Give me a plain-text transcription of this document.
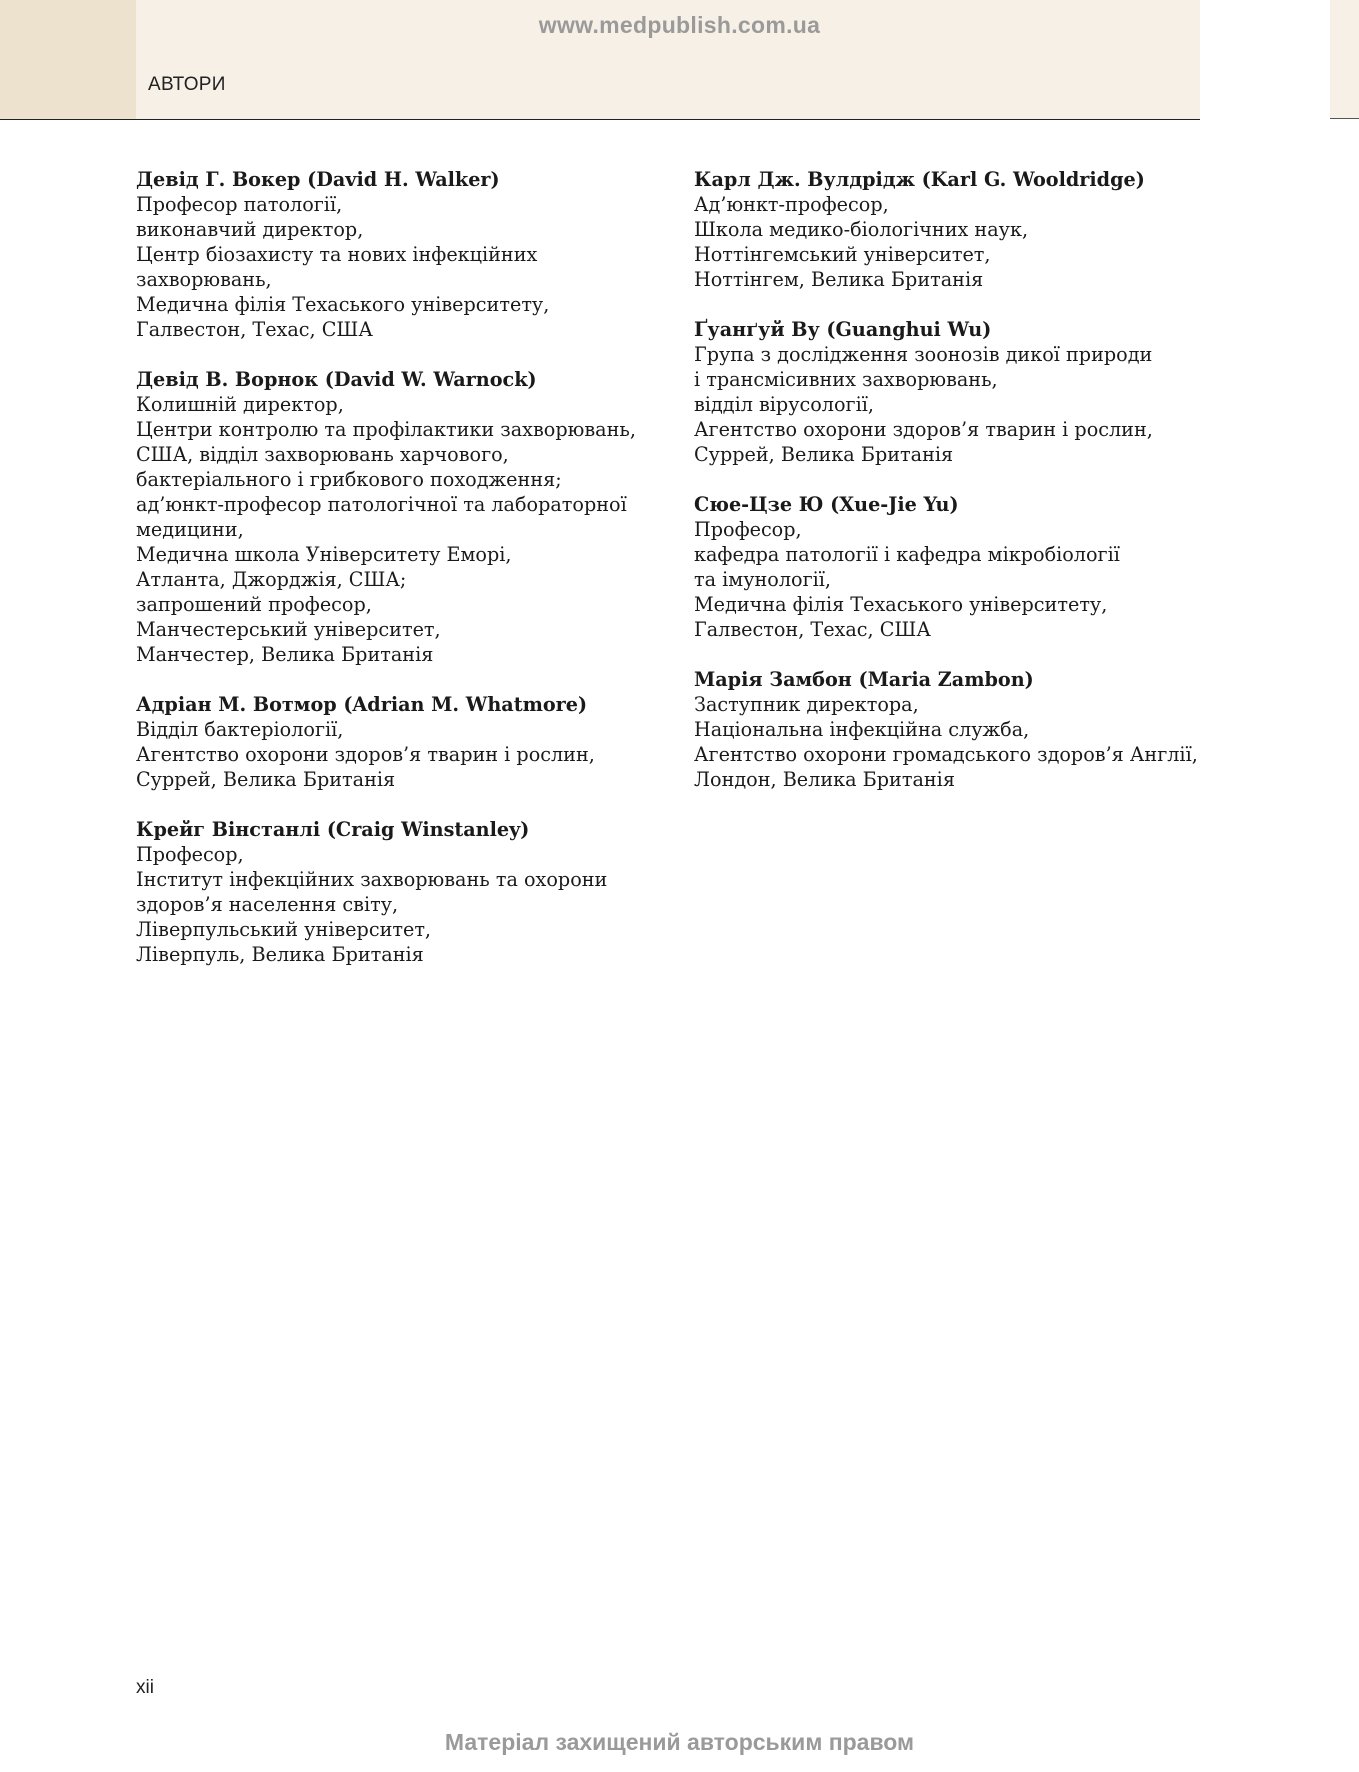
www.medpublish.com.ua
АВТОРИ
Девід Г. Вокер (David H. Walker)
Професор патології,
виконавчий директор,
Центр біозахисту та нових інфекційних
захворювань,
Медична філія Техаського університету,
Галвестон, Техас, США
Девід В. Ворнок (David W. Warnock)
Колишній директор,
Центри контролю та профілактики захворювань,
США, відділ захворювань харчового,
бактеріального і грибкового походження;
ад’юнкт-професор патологічної та лабораторної
медицини,
Медична школа Університету Еморі,
Атланта, Джорджія, США;
запрошений професор,
Манчестерський університет,
Манчестер, Велика Британія
Адріан М. Вотмор (Adrian M. Whatmore)
Відділ бактеріології,
Агентство охорони здоров’я тварин і рослин,
Суррей, Велика Британія
Крейг Вінстанлі (Craig Winstanley)
Професор,
Інститут інфекційних захворювань та охорони
здоров’я населення світу,
Ліверпульський університет,
Ліверпуль, Велика Британія
Карл Дж. Вулдрідж (Karl G. Wooldridge)
Ад’юнкт-професор,
Школа медико-біологічних наук,
Ноттінгемський університет,
Ноттінгем, Велика Британія
Ґуанґуй Ву (Guanghui Wu)
Група з дослідження зоонозів дикої природи
і трансмісивних захворювань,
відділ вірусології,
Агентство охорони здоров’я тварин і рослин,
Суррей, Велика Британія
Сюе-Цзе Ю (Xue-Jie Yu)
Професор,
кафедра патології і кафедра мікробіології
та імунології,
Медична філія Техаського університету,
Галвестон, Техас, США
Марія Замбон (Maria Zambon)
Заступник директора,
Національна інфекційна служба,
Агентство охорони громадського здоров’я Англії,
Лондон, Велика Британія
xii
Матеріал захищений авторським правом
